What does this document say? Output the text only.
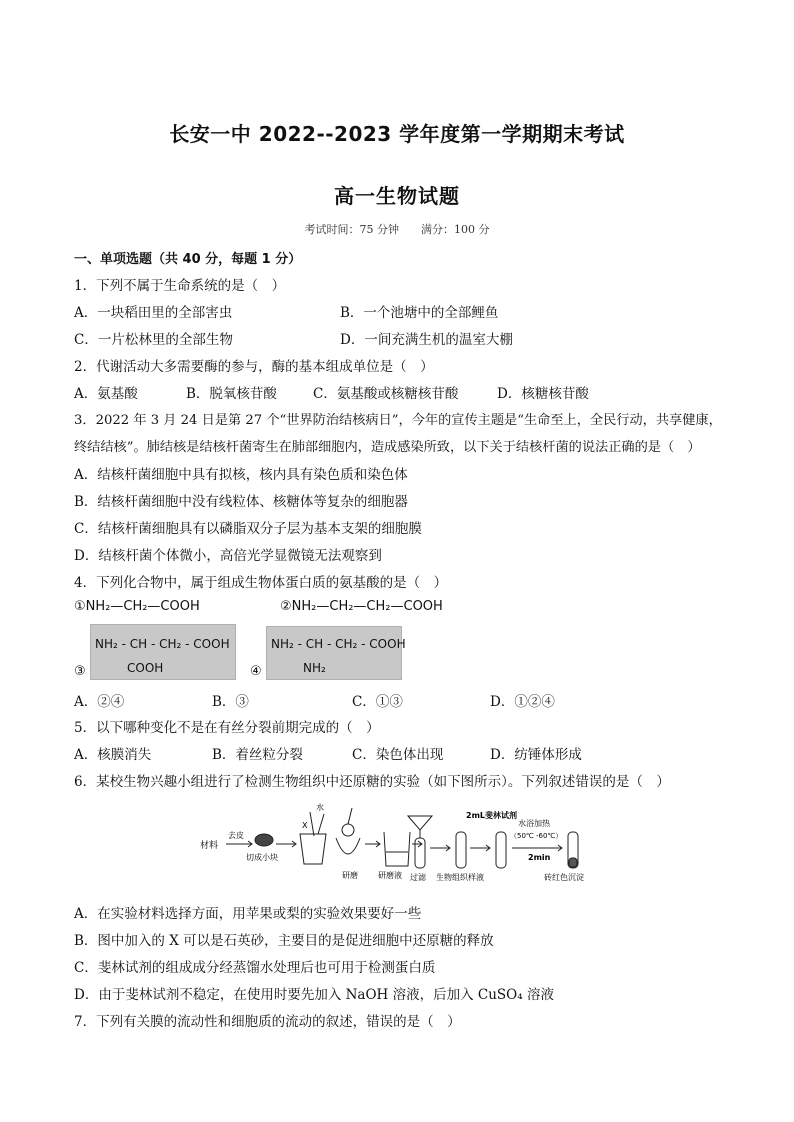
长安一中 2022--2023 学年度第一学期期末考试
高一生物试题
考试时间：75 分钟　　满分：100 分
一、单项选题（共 40 分，每题 1 分）
1．下列不属于生命系统的是（　）
A．一块稻田里的全部害虫	B．一个池塘中的全部鲤鱼
C．一片松林里的全部生物	D．一间充满生机的温室大棚
2．代谢活动大多需要酶的参与，酶的基本组成单位是（　）
A．氨基酸	B．脱氧核苷酸	C．氨基酸或核糖核苷酸	D．核糖核苷酸
3．2022 年 3 月 24 日是第 27 个“世界防治结核病日”，今年的宣传主题是“生命至上，全民行动，共享健康，
终结结核”。肺结核是结核杆菌寄生在肺部细胞内，造成感染所致，以下关于结核杆菌的说法正确的是（　）
A．结核杆菌细胞中具有拟核，核内具有染色质和染色体
B．结核杆菌细胞中没有线粒体、核糖体等复杂的细胞器
C．结核杆菌细胞具有以磷脂双分子层为基本支架的细胞膜
D．结核杆菌个体微小，高倍光学显微镜无法观察到
4．下列化合物中，属于组成生物体蛋白质的氨基酸的是（　）
①NH₂—CH₂—COOH	②NH₂—CH₂—CH₂—COOH
③
NH₂ - CH - CH₂ - COOH
COOH	④
NH₂ - CH - CH₂ - COOH
NH₂
A．②④	B．③	C．①③	D．①②④
5．以下哪种变化不是在有丝分裂前期完成的（　）
A．核膜消失	B．着丝粒分裂	C．染色体出现	D．纺锤体形成
6．某校生物兴趣小组进行了检测生物组织中还原糖的实验（如下图所示）。下列叙述错误的是（　）
材料
去皮
切成小块
水
X
研磨	研磨液 过滤 生物组织样液
2mL斐林试剂
水浴加热
（50℃ -60℃）
2min
砖红色沉淀
A．在实验材料选择方面，用苹果或梨的实验效果要好一些
B．图中加入的 X 可以是石英砂，主要目的是促进细胞中还原糖的释放
C．斐林试剂的组成成分经蒸馏水处理后也可用于检测蛋白质
D．由于斐林试剂不稳定，在使用时要先加入 NaOH 溶液，后加入 CuSO₄ 溶液
7．下列有关膜的流动性和细胞质的流动的叙述，错误的是（　）
